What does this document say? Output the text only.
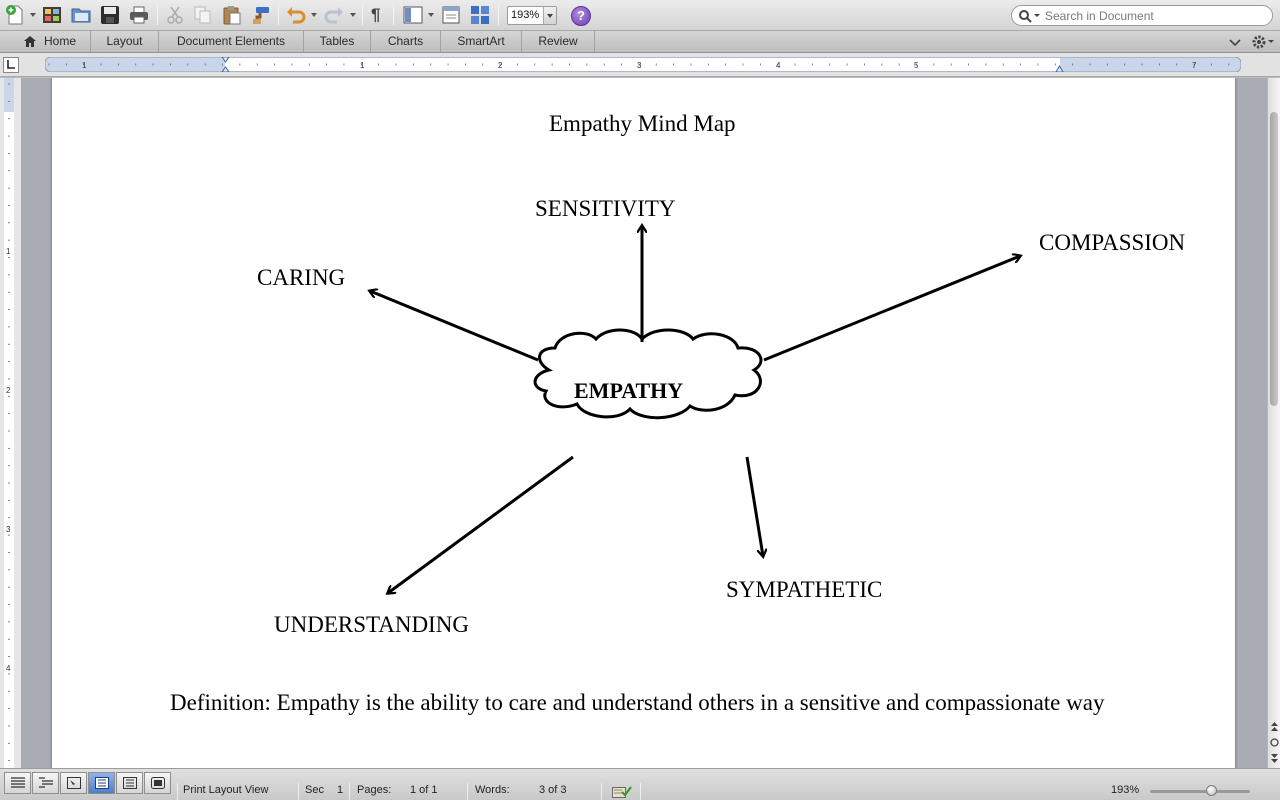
¶	193%	?
Search in Document
Home	Layout	Document Elements	Tables	Charts	SmartArt	Review
1	1	2	3	4	5	7
1
2
3
4
Empathy Mind Map
EMPATHY
SENSITIVITY
CARING
COMPASSION
UNDERSTANDING
SYMPATHETIC
Definition: Empathy is the ability to care and understand others in a sensitive and compassionate way
Print Layout View	Sec 1 Pages: 1 of 1	Words:	3 of 3	193%
